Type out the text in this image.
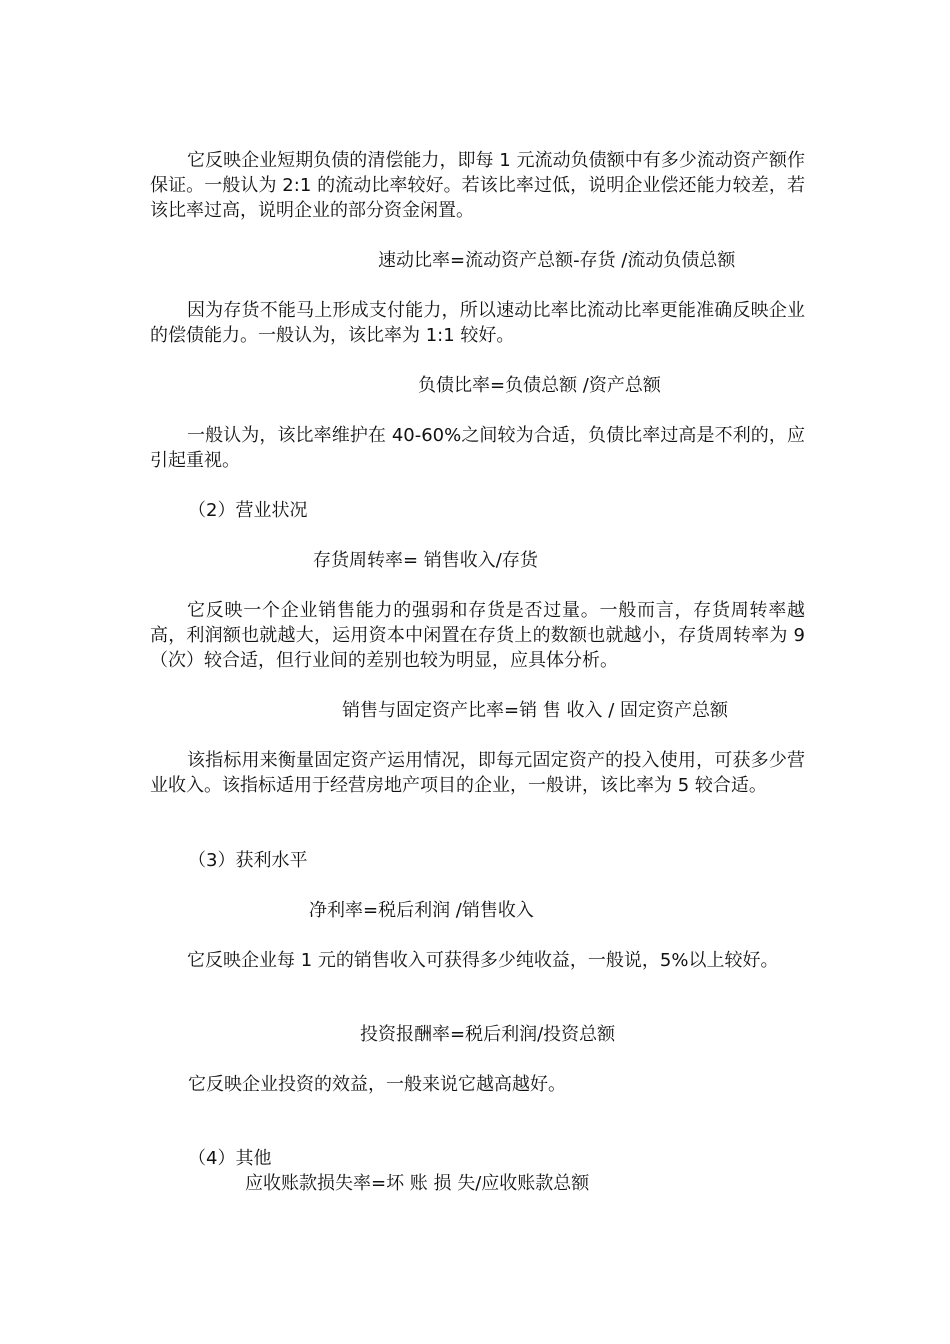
它反映企业短期负债的清偿能力，即每 1 元流动负债额中有多少流动资产额作保证。一般认为 2:1 的流动比率较好。若该比率过低，说明企业偿还能力较差，若该比率过高，说明企业的部分资金闲置。

速动比率=流动资产总额-存货 /流动负债总额

因为存货不能马上形成支付能力，所以速动比率比流动比率更能准确反映企业的偿债能力。一般认为，该比率为 1:1 较好。

负债比率=负债总额 /资产总额

一般认为，该比率维护在 40-60%之间较为合适，负债比率过高是不利的，应引起重视。

（2）营业状况

存货周转率= 销售收入/存货

它反映一个企业销售能力的强弱和存货是否过量。一般而言，存货周转率越高，利润额也就越大，运用资本中闲置在存货上的数额也就越小，存货周转率为 9（次）较合适，但行业间的差别也较为明显，应具体分析。

销售与固定资产比率=销 售 收入 / 固定资产总额

该指标用来衡量固定资产运用情况，即每元固定资产的投入使用，可获多少营业收入。该指标适用于经营房地产项目的企业，一般讲，该比率为 5 较合适。

（3）获利水平

净利率=税后利润 /销售收入

它反映企业每 1 元的销售收入可获得多少纯收益，一般说，5%以上较好。

投资报酬率=税后利润/投资总额

它反映企业投资的效益，一般来说它越高越好。

（4）其他

应收账款损失率=坏 账 损 失/应收账款总额
